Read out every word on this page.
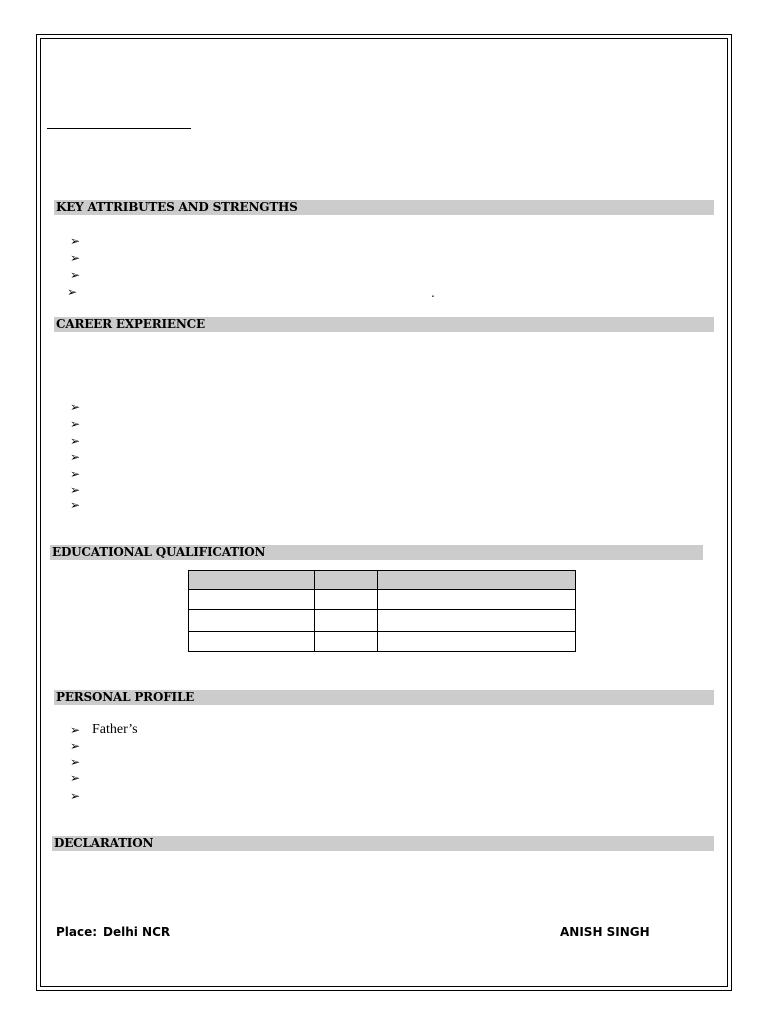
KEY ATTRIBUTES AND STRENGTHS
➢
➢
➢
➢	.
CAREER EXPERIENCE
➢
➢
➢
➢
➢
➢
➢
EDUCATIONAL QUALIFICATION

PERSONAL PROFILE
➢ Father’s
➢
➢
➢
➢
DECLARATION
Place: Delhi NCR	ANISH SINGH
